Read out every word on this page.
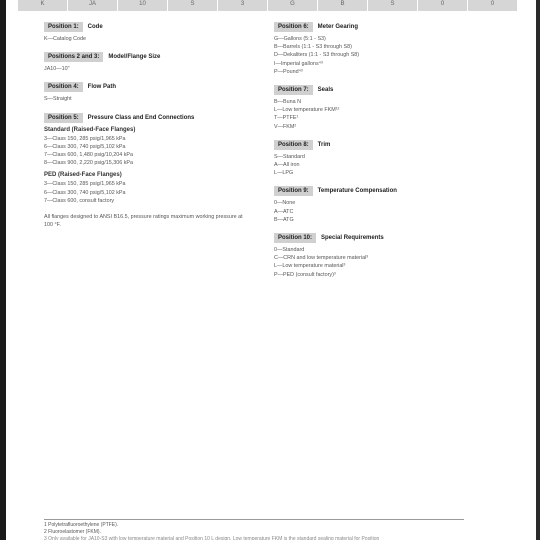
K	JA	10	S	3	G	B	S	0	0
Position 1:	Code
K—Catalog Code
Positions 2 and 3:	Model/Flange Size
JA10—10"
Position 4:	Flow Path
S—Straight
Position 5:	Pressure Class and End Connections
Standard (Raised-Face Flanges)
3—Class 150, 285 psig/1,965 kPa
6—Class 300, 740 psig/5,102 kPa
7—Class 600, 1,480 psig/10,204 kPa
8—Class 900, 2,220 psig/15,306 kPa
PED (Raised-Face Flanges)
3—Class 150, 285 psig/1,965 kPa
6—Class 300, 740 psig/5,102 kPa
7—Class 600, consult factory
All flanges designed to ANSI B16.5, pressure ratings maximum working pressure at 100 °F.
Position 6:	Meter Gearing
G—Gallons (5:1 - S3)
B—Barrels (1:1 - S3 through S8)
D—Dekaliters (1:1 - S3 through S8)
I—Imperial gallons⁴³
P—Pound⁴³
Position 7:	Seals
B—Buna N
L—Low temperature FKM¹²
T—PTFE¹
V—FKM²
Position 8:	Trim
S—Standard
A—All iron
L—LPG
Position 9:	Temperature Compensation
0—None
A—ATC
B—ATG
Position 10:	Special Requirements
0—Standard
C—CRN and low temperature material³
L—Low temperature material³
P—PED (consult factory)³
1 Polytetrafluoroethylene (PTFE).
2 Fluoroelastomer (FKM).
3 Only available for JA10-S3 with low temperature material and Position 10 L design. Low temperature FKM is the standard sealing material for Position
